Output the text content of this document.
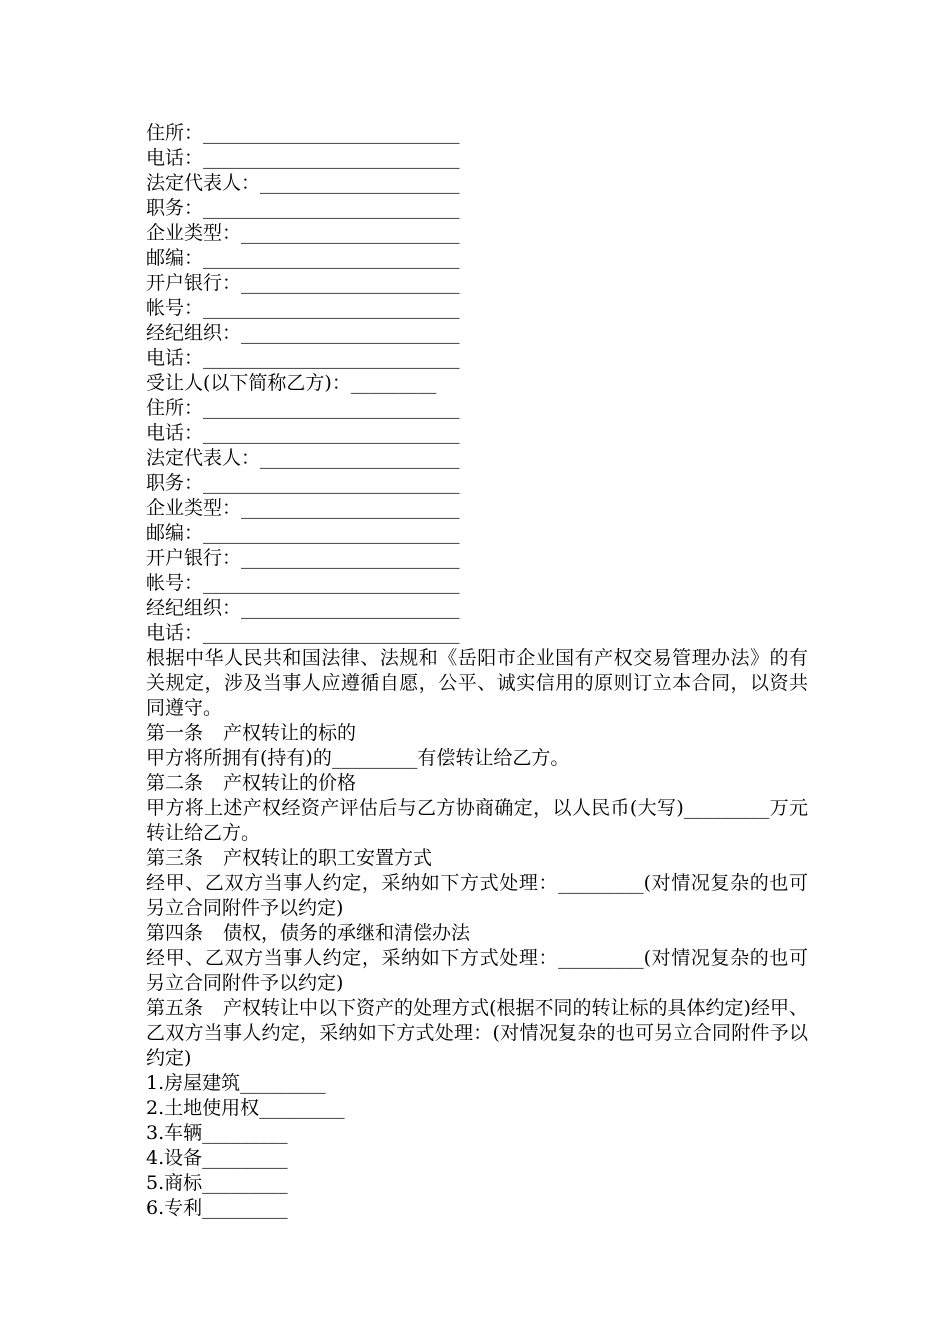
住所：___________________________
电话：___________________________
法定代表人：_____________________
职务：___________________________
企业类型：_______________________
邮编：___________________________
开户银行：_______________________
帐号：___________________________
经纪组织：_______________________
电话：___________________________
受让人(以下简称乙方)：_________
住所：___________________________
电话：___________________________
法定代表人：_____________________
职务：___________________________
企业类型：_______________________
邮编：___________________________
开户银行：_______________________
帐号：___________________________
经纪组织：_______________________
电话：___________________________
根据中华人民共和国法律、法规和《岳阳市企业国有产权交易管理办法》的有关规定，涉及当事人应遵循自愿，公平、诚实信用的原则订立本合同，以资共同遵守。
第一条 产权转让的标的
甲方将所拥有(持有)的_________有偿转让给乙方。
第二条 产权转让的价格
甲方将上述产权经资产评估后与乙方协商确定，以人民币(大写)_________万元转让给乙方。
第三条 产权转让的职工安置方式
经甲、乙双方当事人约定，采纳如下方式处理：_________(对情况复杂的也可另立合同附件予以约定)
第四条 债权，债务的承继和清偿办法
经甲、乙双方当事人约定，采纳如下方式处理：_________(对情况复杂的也可另立合同附件予以约定)
第五条 产权转让中以下资产的处理方式(根据不同的转让标的具体约定)经甲、乙双方当事人约定，采纳如下方式处理：(对情况复杂的也可另立合同附件予以约定)
1.房屋建筑_________
2.土地使用权_________
3.车辆_________
4.设备_________
5.商标_________
6.专利_________
